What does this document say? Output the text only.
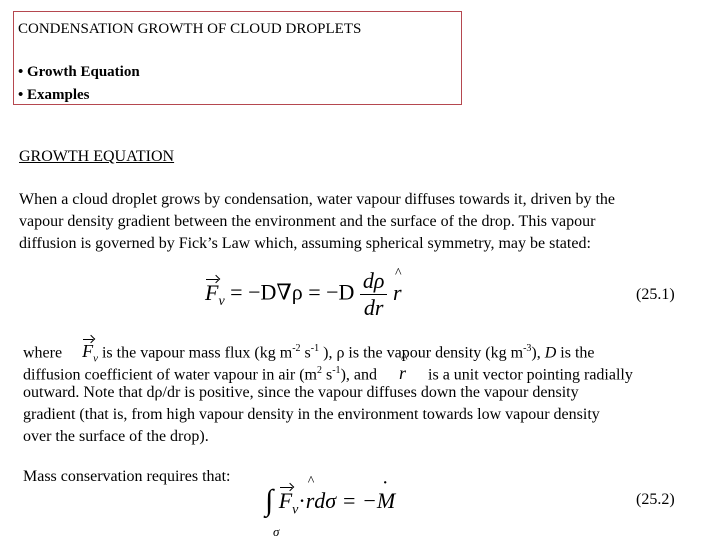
CONDENSATION GROWTH OF CLOUD DROPLETS
• Growth Equation
• Examples
GROWTH EQUATION
When a cloud droplet grows by condensation, water vapour diffuses towards it, driven by the
vapour density gradient between the environment and the surface of the drop. This vapour
diffusion is governed by Fick’s Law which, assuming spherical symmetry, may be stated:
$F_v = -D\nabla\rho = -D \frac{d\rho}{dr}$ ^ r	(25.1)
where $F_v$ is the vapour mass flux (kg $m^{-2}$ $s^{-1}$ ), ρ is the vapour density (kg $m^{-3}$), D is the
diffusion coefficient of water vapour in air ($m^2$ $s^{-1}$), and ^ r is a unit vector pointing radially
outward. Note that dρ/dr is positive, since the vapour diffuses down the vapour density
gradient (that is, from high vapour density in the environment towards low vapour density
over the surface of the drop).
Mass conservation requires that:
∫ $F_v\cdot\^{}$ rdσ = −· M
σ
(25.2)
